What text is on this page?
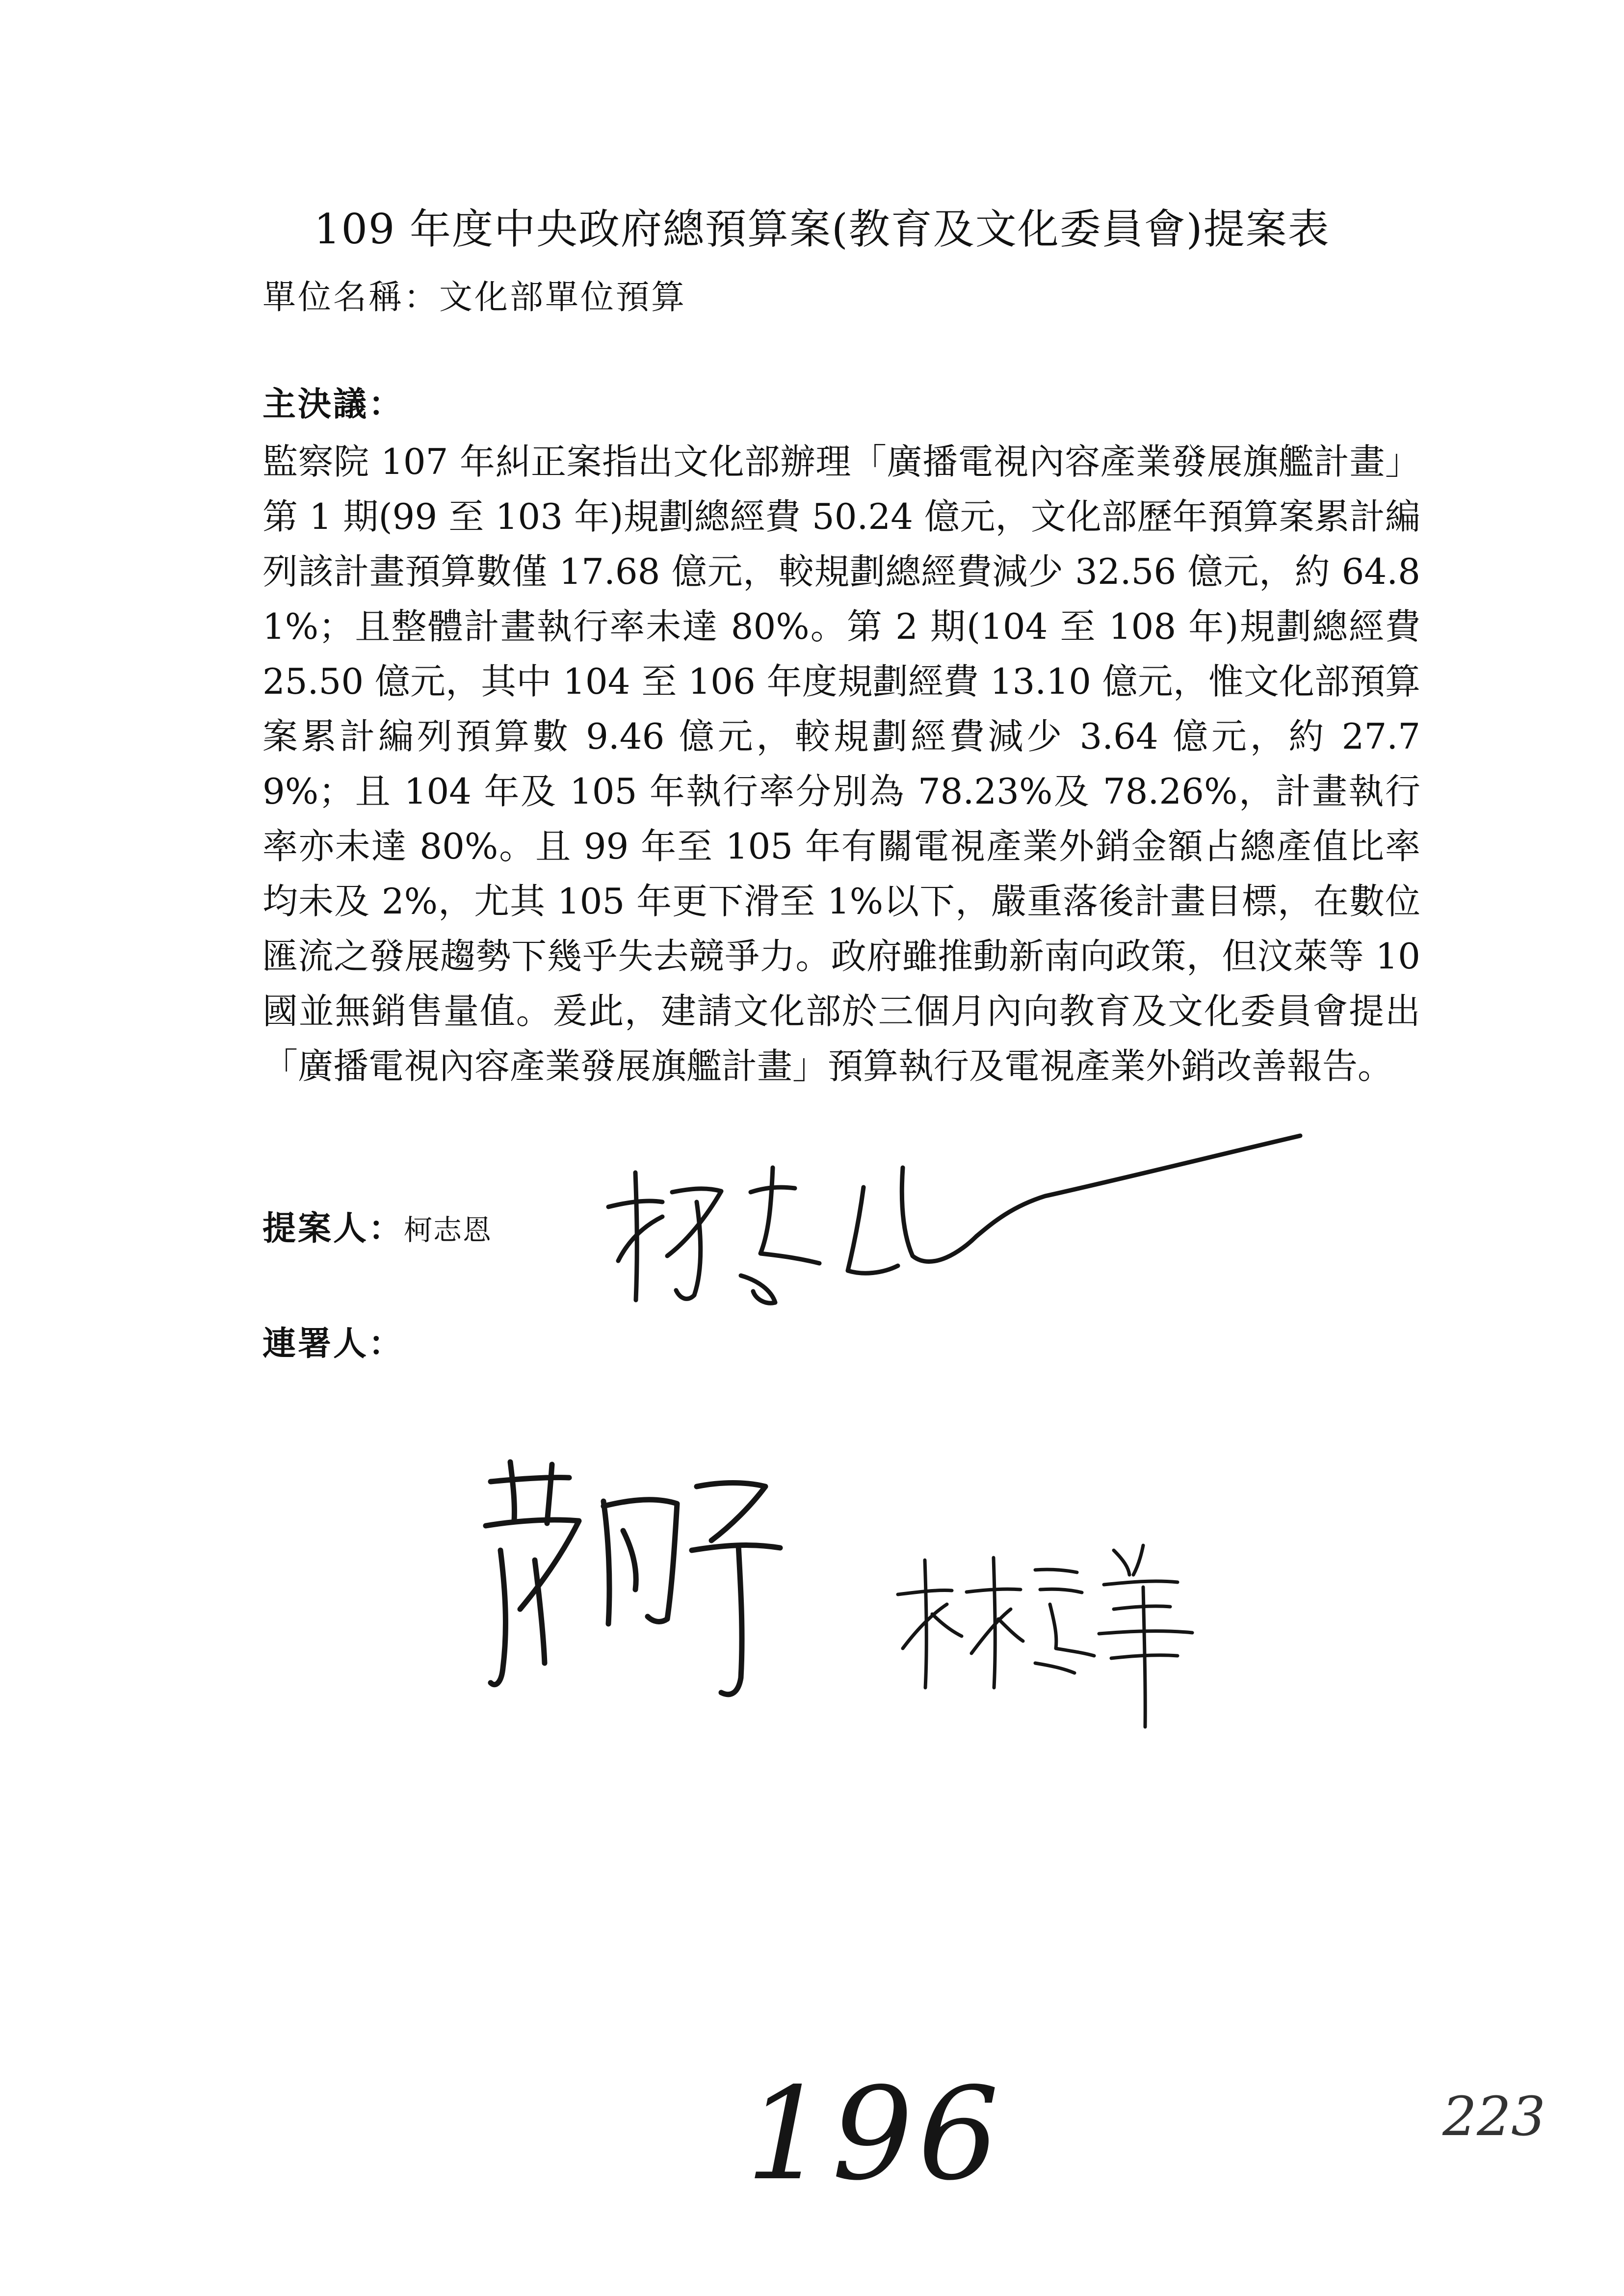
109 年度中央政府總預算案(教育及文化委員會)提案表
單位名稱：文化部單位預算
主決議：
監察院 107 年糾正案指出文化部辦理「廣播電視內容產業發展旗艦計畫」第 1 期(99 至 103 年)規劃總經費 50.24 億元，文化部歷年預算案累計編列該計畫預算數僅 17.68 億元，較規劃總經費減少 32.56 億元，約 64.81%；且整體計畫執行率未達 80%。第 2 期(104 至 108 年)規劃總經費 25.50 億元，其中 104 至 106 年度規劃經費 13.10 億元，惟文化部預算案累計編列預算數 9.46 億元，較規劃經費減少 3.64 億元，約 27.79%；且 104 年及 105 年執行率分別為 78.23%及 78.26%，計畫執行率亦未達 80%。且 99 年至 105 年有關電視產業外銷金額占總產值比率均未及 2%，尤其 105 年更下滑至 1%以下，嚴重落後計畫目標，在數位匯流之發展趨勢下幾乎失去競爭力。政府雖推動新南向政策，但汶萊等 10 國並無銷售量值。爰此，建請文化部於三個月內向教育及文化委員會提出「廣播電視內容產業發展旗艦計畫」預算執行及電視產業外銷改善報告。
提案人：柯志恩
連署人：
196	223
